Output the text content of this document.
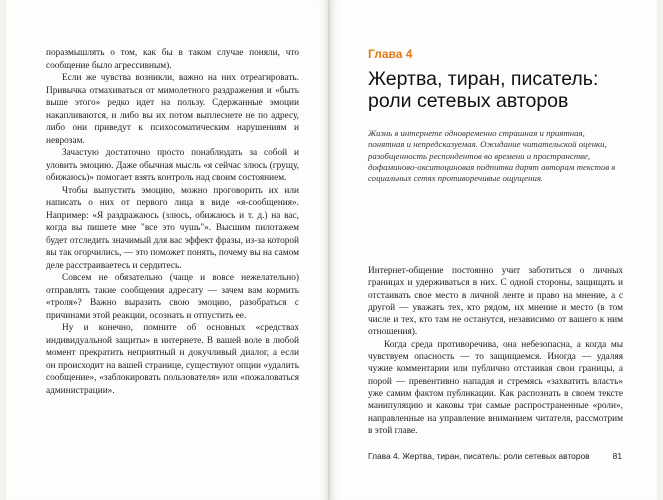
поразмышлять о том, как бы в таком случае поняли, что сообщение было агрессивным).

Если же чувства возникли, важно на них отреагировать. Привычка отмахиваться от мимолетного раздражения и «быть выше этого» редко идет на пользу. Сдержанные эмоции накапливаются, и либо вы их потом выплеснете не по адресу, либо они приведут к психосоматическим нарушениям и неврозам.

Зачастую достаточно просто понаблюдать за собой и уловить эмоцию. Даже обычная мысль «я сейчас злюсь (грущу, обижаюсь)» помогает взять контроль над своим состоянием.

Чтобы выпустить эмоцию, можно проговорить их или написать о них от первого лица в виде «я-сообщения». Например: «Я раздражаюсь (злюсь, обижаюсь и т. д.) на вас, когда вы пишете мне "все это чушь"». Высшим пилотажем будет отследить значимый для вас эффект фразы, из-за которой вы так огорчились, — это поможет понять, почему вы на самом деле расстраиваетесь и сердитесь.

Совсем не обязательно (чаще и вовсе нежелательно) отправлять такие сообщения адресату — зачем вам кормить «троля»? Важно выразить свою эмоцию, разобраться с причинами этой реакции, осознать и отпустить ее.

Ну и конечно, помните об основных «средствах индивидуальной защиты» в интернете. В вашей воле в любой момент прекратить неприятный и докучливый диалог, а если он происходит на вашей странице, существуют опции «удалить сообщение», «заблокировать пользователя» или «пожаловаться администрации».

Глава 4
Жертва, тиран, писатель: роли сетевых авторов
Жизнь в интернете одновременно страшная и приятная, понятная и непредсказуемая. Ожидание читательской оценки, разобщенность респондентов во времени и пространстве, дофаминово-окситоциновая подпитка дарят авторам текстов в социальных сетях противоречивые ощущения.

Интернет-общение постоянно учит заботиться о личных границах и удерживаться в них. С одной стороны, защищать и отстаивать свое место в личной ленте и право на мнение, а с другой — уважать тех, кто рядом, их мнение и место (в том числе и тех, кто там не останутся, независимо от вашего к ним отношения).

Когда среда противоречива, она небезопасна, а когда мы чувствуем опасность — то защищаемся. Иногда — удаляя чужие комментарии или публично отстаивая свои границы, а порой — превентивно нападая и стремясь «захватить власть» уже самим фактом публикации. Как распознать в своем тексте манипуляцию и каковы три самые распространенные «роли», направленные на управление вниманием читателя, рассмотрим в этой главе.

Глава 4. Жертва, тиран, писатель: роли сетевых авторов	81
